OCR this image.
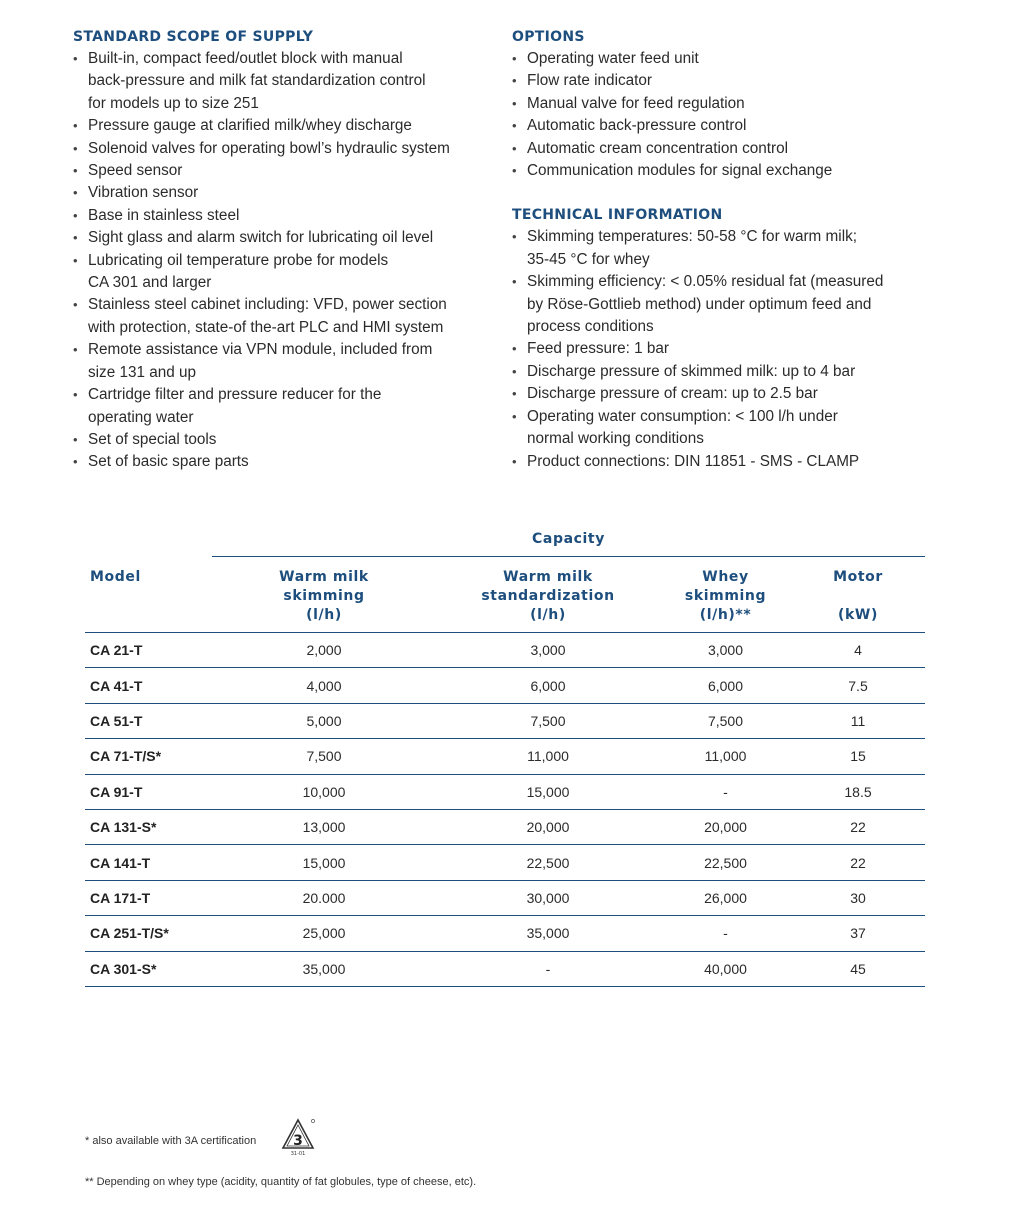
STANDARD SCOPE OF SUPPLY
• Built-in, compact feed/outlet block with manual
back-pressure and milk fat standardization control
for models up to size 251
• Pressure gauge at clarified milk/whey discharge
• Solenoid valves for operating bowl’s hydraulic system
• Speed sensor
• Vibration sensor
• Base in stainless steel
• Sight glass and alarm switch for lubricating oil level
• Lubricating oil temperature probe for models
CA 301 and larger
• Stainless steel cabinet including: VFD, power section
with protection, state-of the-art PLC and HMI system
• Remote assistance via VPN module, included from
size 131 and up
• Cartridge filter and pressure reducer for the
operating water
• Set of special tools
• Set of basic spare parts
OPTIONS
• Operating water feed unit
• Flow rate indicator
• Manual valve for feed regulation
• Automatic back-pressure control
• Automatic cream concentration control
• Communication modules for signal exchange
TECHNICAL INFORMATION
• Skimming temperatures: 50-58 °C for warm milk;
35-45 °C for whey
• Skimming efficiency: < 0.05% residual fat (measured
by Röse-Gottlieb method) under optimum feed and
process conditions
• Feed pressure: 1 bar
• Discharge pressure of skimmed milk: up to 4 bar
• Discharge pressure of cream: up to 2.5 bar
• Operating water consumption: < 100 l/h under
normal working conditions
• Product connections: DIN 11851 - SMS - CLAMP
	Capacity			

Model	Warm milk
skimming
(l/h)	Warm milk
standardization
(l/h)	Whey
skimming
(l/h)**	Motor
(kW)

CA 21-T	2,000	3,000	3,000	4
CA 41-T	4,000	6,000	6,000	7.5
CA 51-T	5,000	7,500	7,500	11
CA 71-T/S*	7,500	11,000	11,000	15
CA 91-T	10,000	15,000	-	18.5
CA 131-S*	13,000	20,000	20,000	22
CA 141-T	15,000	22,500	22,500	22
CA 171-T	20.000	30,000	26,000	30
CA 251-T/S*	25,000	35,000	-	37
CA 301-S*	35,000	-	40,000	45
* also available with 3A certification	3
31-01
** Depending on whey type (acidity, quantity of fat globules, type of cheese, etc).
